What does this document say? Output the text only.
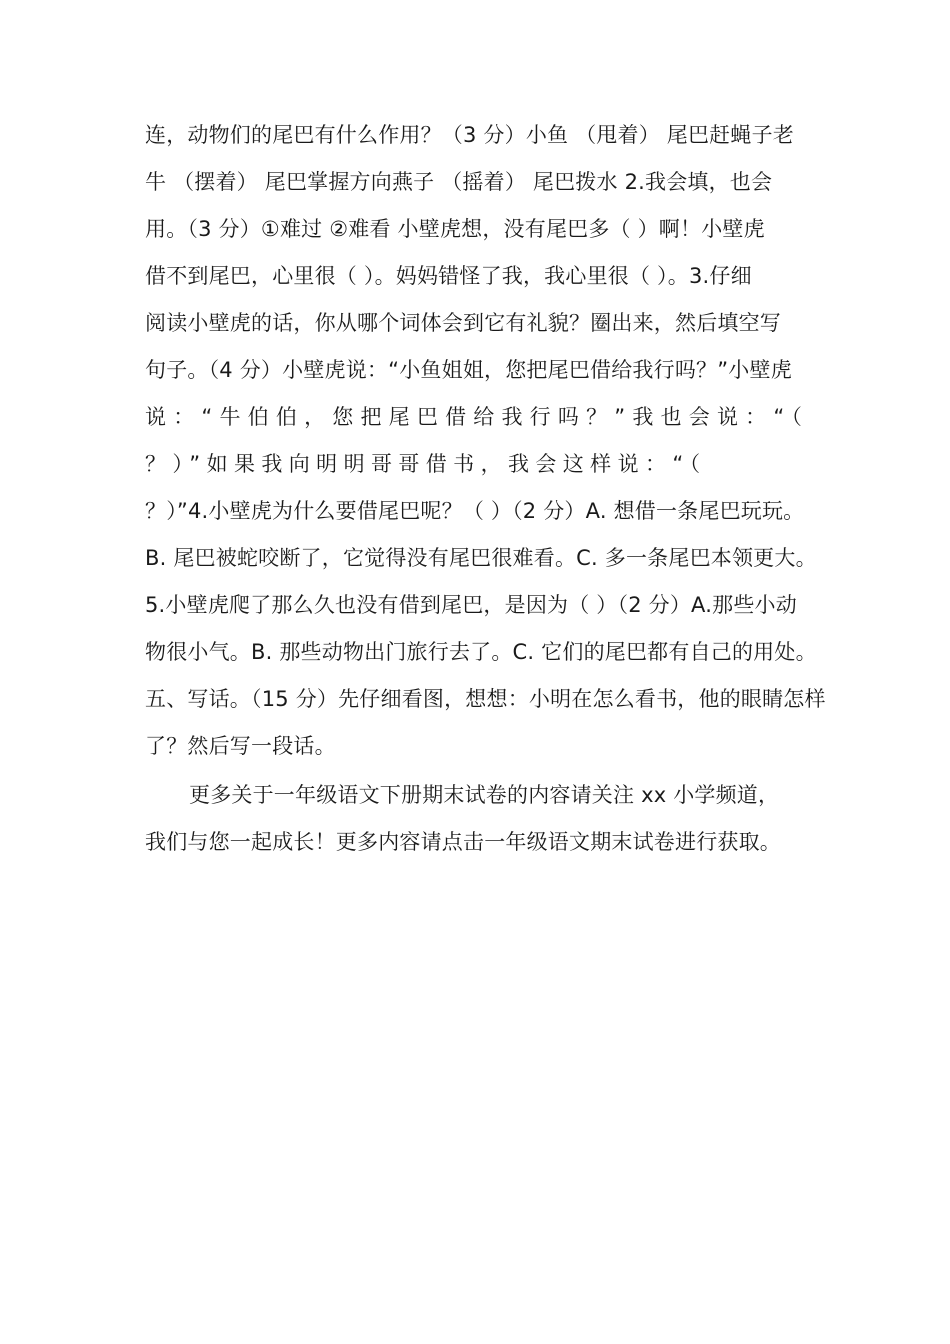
连，动物们的尾巴有什么作用？（3 分）小鱼 （甩着） 尾巴赶蝇子老
牛 （摆着） 尾巴掌握方向燕子 （摇着） 尾巴拨水 2.我会填，也会
用。（3 分）①难过 ②难看 小壁虎想，没有尾巴多（ ）啊！小壁虎
借不到尾巴，心里很（ ）。妈妈错怪了我，我心里很（ ）。3.仔细
阅读小壁虎的话，你从哪个词体会到它有礼貌？圈出来，然后填空写
句子。（4 分）小壁虎说：“小鱼姐姐，您把尾巴借给我行吗？”小壁虎
说：“牛伯伯，您把尾巴借给我行吗？”我也会说：“（
？）”如果我向明明哥哥借书，我会这样说：“（
？）”4.小壁虎为什么要借尾巴呢？（ ）（2 分）A. 想借一条尾巴玩玩。
B. 尾巴被蛇咬断了，它觉得没有尾巴很难看。C. 多一条尾巴本领更大。
5.小壁虎爬了那么久也没有借到尾巴，是因为（ ）（2 分）A.那些小动
物很小气。B. 那些动物出门旅行去了。C. 它们的尾巴都有自己的用处。
五、写话。（15 分）先仔细看图，想想：小明在怎么看书，他的眼睛怎样
了？然后写一段话。
更多关于一年级语文下册期末试卷的内容请关注 xx 小学频道，
我们与您一起成长！更多内容请点击一年级语文期末试卷进行获取。
